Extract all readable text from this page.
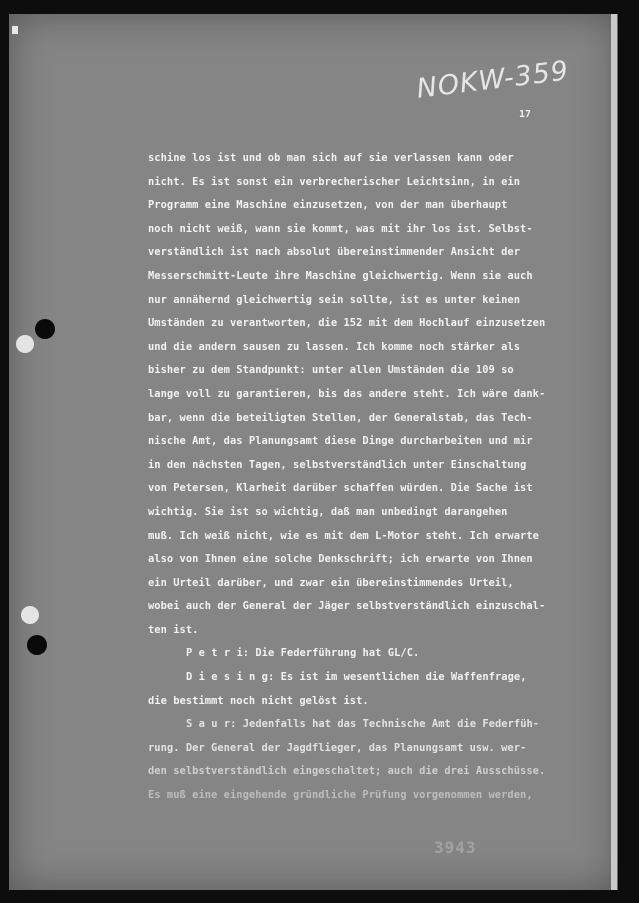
NOKW-359
17
schine los ist und ob man sich auf sie verlassen kann oder
nicht. Es ist sonst ein verbrecherischer Leichtsinn, in ein
Programm eine Maschine einzusetzen, von der man überhaupt
noch nicht weiß, wann sie kommt, was mit ihr los ist. Selbst-
verständlich ist nach absolut übereinstimmender Ansicht der
Messerschmitt-Leute ihre Maschine gleichwertig. Wenn sie auch
nur annähernd gleichwertig sein sollte, ist es unter keinen
Umständen zu verantworten, die 152 mit dem Hochlauf einzusetzen
und die andern sausen zu lassen. Ich komme noch stärker als
bisher zu dem Standpunkt: unter allen Umständen die 109 so
lange voll zu garantieren, bis das andere steht. Ich wäre dank-
bar, wenn die beteiligten Stellen, der Generalstab, das Tech-
nische Amt, das Planungsamt diese Dinge durcharbeiten und mir
in den nächsten Tagen, selbstverständlich unter Einschaltung
von Petersen, Klarheit darüber schaffen würden. Die Sache ist
wichtig. Sie ist so wichtig, daß man unbedingt darangehen
muß. Ich weiß nicht, wie es mit dem L-Motor steht. Ich erwarte
also von Ihnen eine solche Denkschrift; ich erwarte von Ihnen
ein Urteil darüber, und zwar ein übereinstimmendes Urteil,
wobei auch der General der Jäger selbstverständlich einzuschal-
ten ist.
P e t r i: Die Federführung hat GL/C.
D i e s i n g: Es ist im wesentlichen die Waffenfrage,
die bestimmt noch nicht gelöst ist.
S a u r: Jedenfalls hat das Technische Amt die Federfüh-
rung. Der General der Jagdflieger, das Planungsamt usw. wer-
den selbstverständlich eingeschaltet; auch die drei Ausschüsse.
Es muß eine eingehende gründliche Prüfung vorgenommen werden,
3943
